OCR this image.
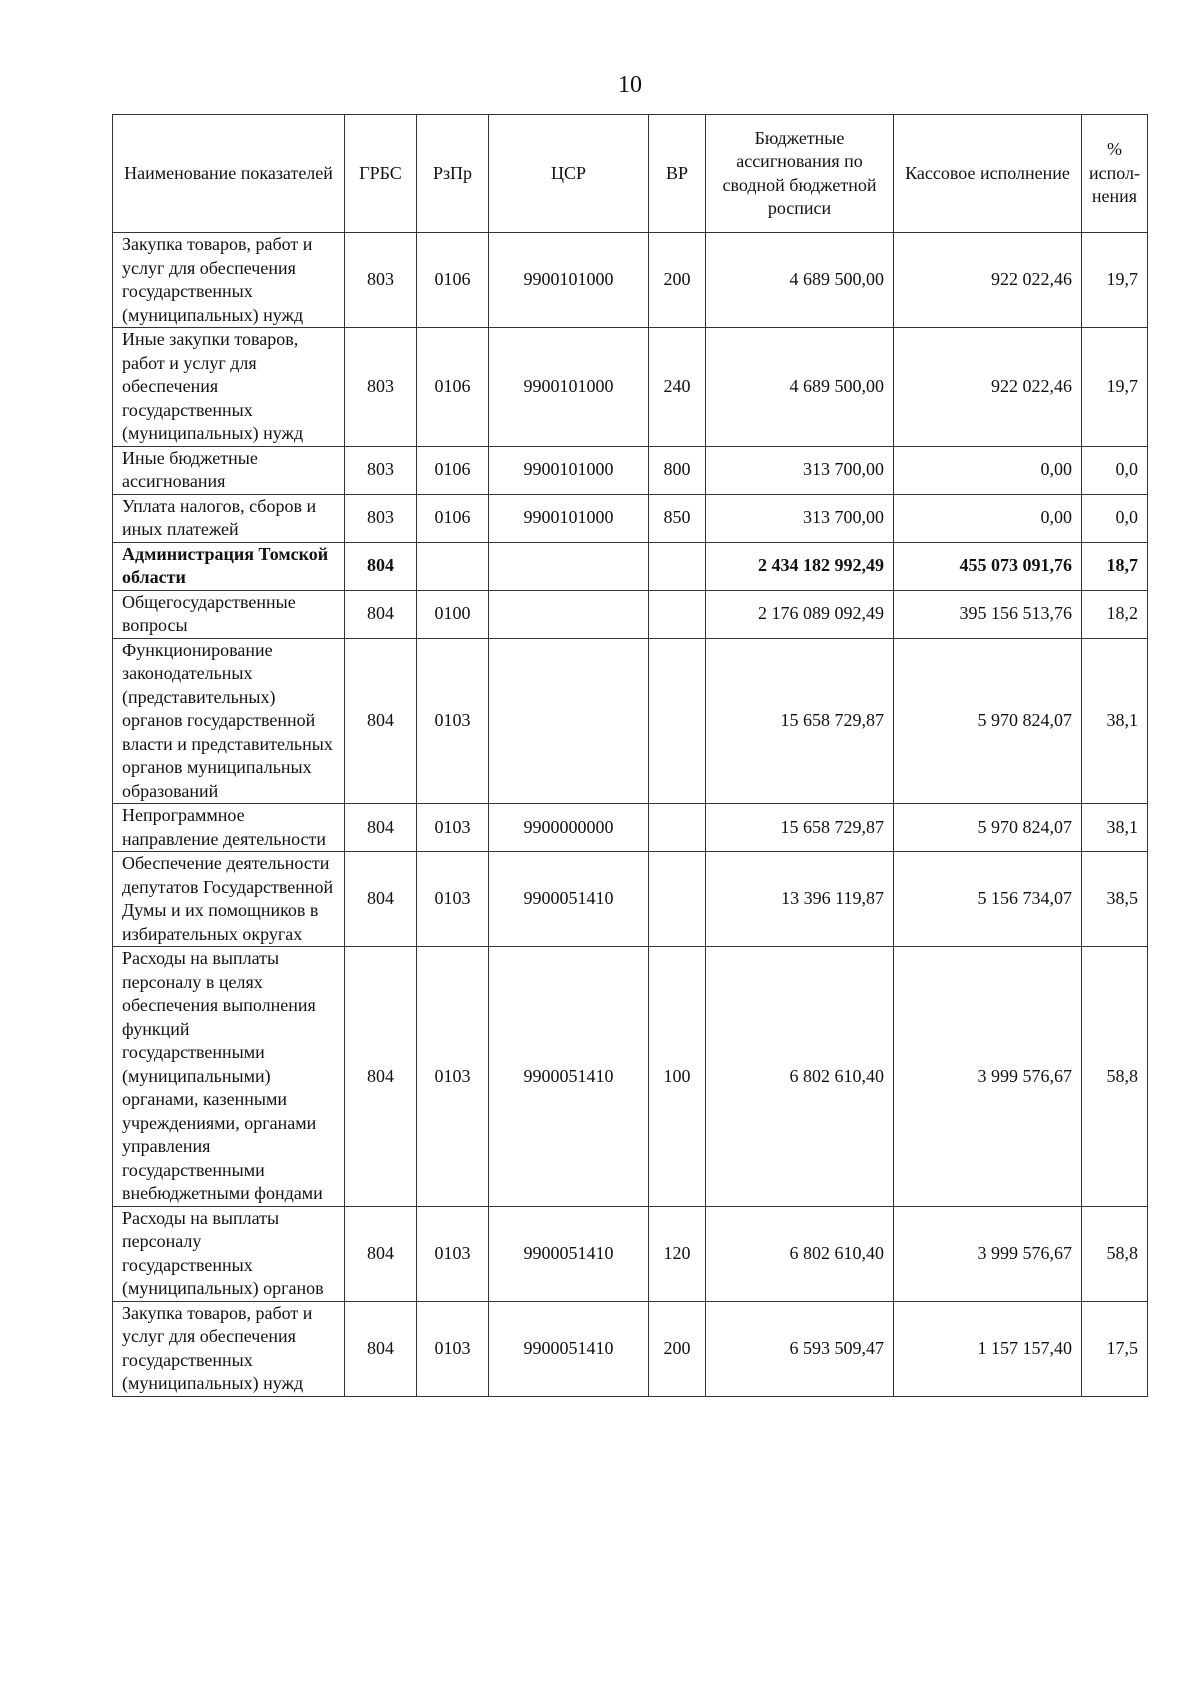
10
Наименование показателей	ГРБС	РзПр	ЦСР	ВР	Бюджетные ассигнования по сводной бюджетной росписи	Кассовое исполнение	% испол-нения
Закупка товаров, работ и услуг для обеспечения государственных (муниципальных) нужд	803	0106	9900101000	200	4 689 500,00	922 022,46	19,7
Иные закупки товаров, работ и услуг для обеспечения государственных (муниципальных) нужд	803	0106	9900101000	240	4 689 500,00	922 022,46	19,7
Иные бюджетные ассигнования	803	0106	9900101000	800	313 700,00	0,00	0,0
Уплата налогов, сборов и иных платежей	803	0106	9900101000	850	313 700,00	0,00	0,0
Администрация Томской области	804				2 434 182 992,49	455 073 091,76	18,7
Общегосударственные вопросы	804	0100			2 176 089 092,49	395 156 513,76	18,2
Функционирование законодательных (представительных) органов государственной власти и представительных органов муниципальных образований	804	0103			15 658 729,87	5 970 824,07	38,1
Непрограммное направление деятельности	804	0103	9900000000		15 658 729,87	5 970 824,07	38,1
Обеспечение деятельности депутатов Государственной Думы и их помощников в избирательных округах	804	0103	9900051410		13 396 119,87	5 156 734,07	38,5
Расходы на выплаты персоналу в целях обеспечения выполнения функций государственными (муниципальными) органами, казенными учреждениями, органами управления государственными внебюджетными фондами	804	0103	9900051410	100	6 802 610,40	3 999 576,67	58,8
Расходы на выплаты персоналу государственных (муниципальных) органов	804	0103	9900051410	120	6 802 610,40	3 999 576,67	58,8
Закупка товаров, работ и услуг для обеспечения государственных (муниципальных) нужд	804	0103	9900051410	200	6 593 509,47	1 157 157,40	17,5
